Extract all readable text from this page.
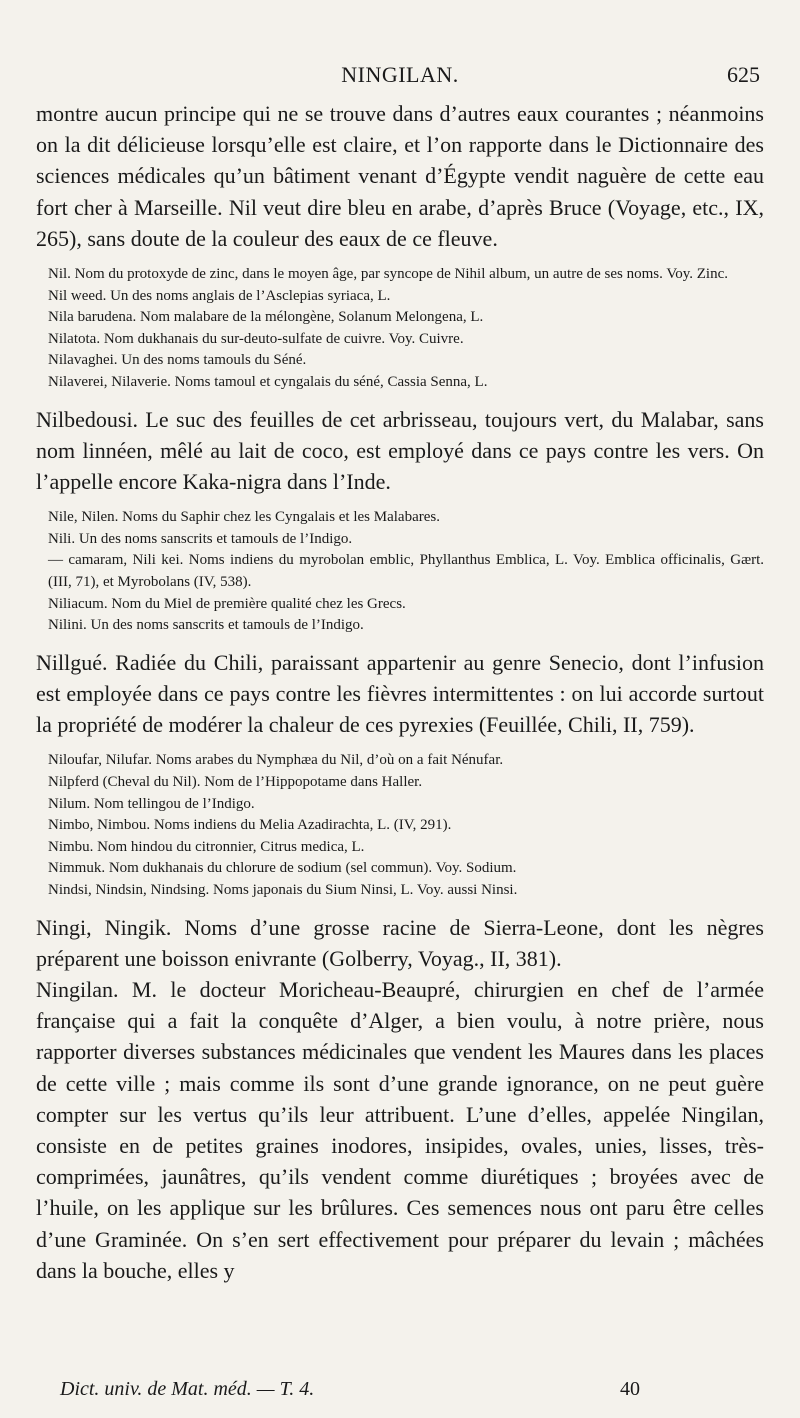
NINGILAN.	625

montre aucun principe qui ne se trouve dans d’autres eaux courantes ; néanmoins on la dit délicieuse lorsqu’elle est claire, et l’on rapporte dans le Dictionnaire des sciences médicales qu’un bâtiment venant d’Égypte vendit naguère de cette eau fort cher à Marseille. Nil veut dire bleu en arabe, d’après Bruce (Voyage, etc., IX, 265), sans doute de la couleur des eaux de ce fleuve.

Nil. Nom du protoxyde de zinc, dans le moyen âge, par syncope de Nihil album, un autre de ses noms. Voy. Zinc.

Nil weed. Un des noms anglais de l’Asclepias syriaca, L.

Nila barudena. Nom malabare de la mélongène, Solanum Melongena, L.

Nilatota. Nom dukhanais du sur-deuto-sulfate de cuivre. Voy. Cuivre.

Nilavaghei. Un des noms tamouls du Séné.

Nilaverei, Nilaverie. Noms tamoul et cyngalais du séné, Cassia Senna, L.

Nilbedousi. Le suc des feuilles de cet arbrisseau, toujours vert, du Malabar, sans nom linnéen, mêlé au lait de coco, est employé dans ce pays contre les vers. On l’appelle encore Kaka-nigra dans l’Inde.

Nile, Nilen. Noms du Saphir chez les Cyngalais et les Malabares.

Nili. Un des noms sanscrits et tamouls de l’Indigo.

— camaram, Nili kei. Noms indiens du myrobolan emblic, Phyllanthus Emblica, L. Voy. Emblica officinalis, Gært. (III, 71), et Myrobolans (IV, 538).

Niliacum. Nom du Miel de première qualité chez les Grecs.

Nilini. Un des noms sanscrits et tamouls de l’Indigo.

Nillgué. Radiée du Chili, paraissant appartenir au genre Senecio, dont l’infusion est employée dans ce pays contre les fièvres intermittentes : on lui accorde surtout la propriété de modérer la chaleur de ces pyrexies (Feuillée, Chili, II, 759).

Niloufar, Nilufar. Noms arabes du Nymphæa du Nil, d’où on a fait Nénufar.

Nilpferd (Cheval du Nil). Nom de l’Hippopotame dans Haller.

Nilum. Nom tellingou de l’Indigo.

Nimbo, Nimbou. Noms indiens du Melia Azadirachta, L. (IV, 291).

Nimbu. Nom hindou du citronnier, Citrus medica, L.

Nimmuk. Nom dukhanais du chlorure de sodium (sel commun). Voy. Sodium.

Nindsi, Nindsin, Nindsing. Noms japonais du Sium Ninsi, L. Voy. aussi Ninsi.

Ningi, Ningik. Noms d’une grosse racine de Sierra-Leone, dont les nègres préparent une boisson enivrante (Golberry, Voyag., II, 381).

Ningilan. M. le docteur Moricheau-Beaupré, chirurgien en chef de l’armée française qui a fait la conquête d’Alger, a bien voulu, à notre prière, nous rapporter diverses substances médicinales que vendent les Maures dans les places de cette ville ; mais comme ils sont d’une grande ignorance, on ne peut guère compter sur les vertus qu’ils leur attribuent. L’une d’elles, appelée Ningilan, consiste en de petites graines inodores, insipides, ovales, unies, lisses, très-comprimées, jaunâtres, qu’ils vendent comme diurétiques ; broyées avec de l’huile, on les applique sur les brûlures. Ces semences nous ont paru être celles d’une Graminée. On s’en sert effectivement pour préparer du levain ; mâchées dans la bouche, elles y

Dict. univ. de Mat. méd. — T. 4.	40
